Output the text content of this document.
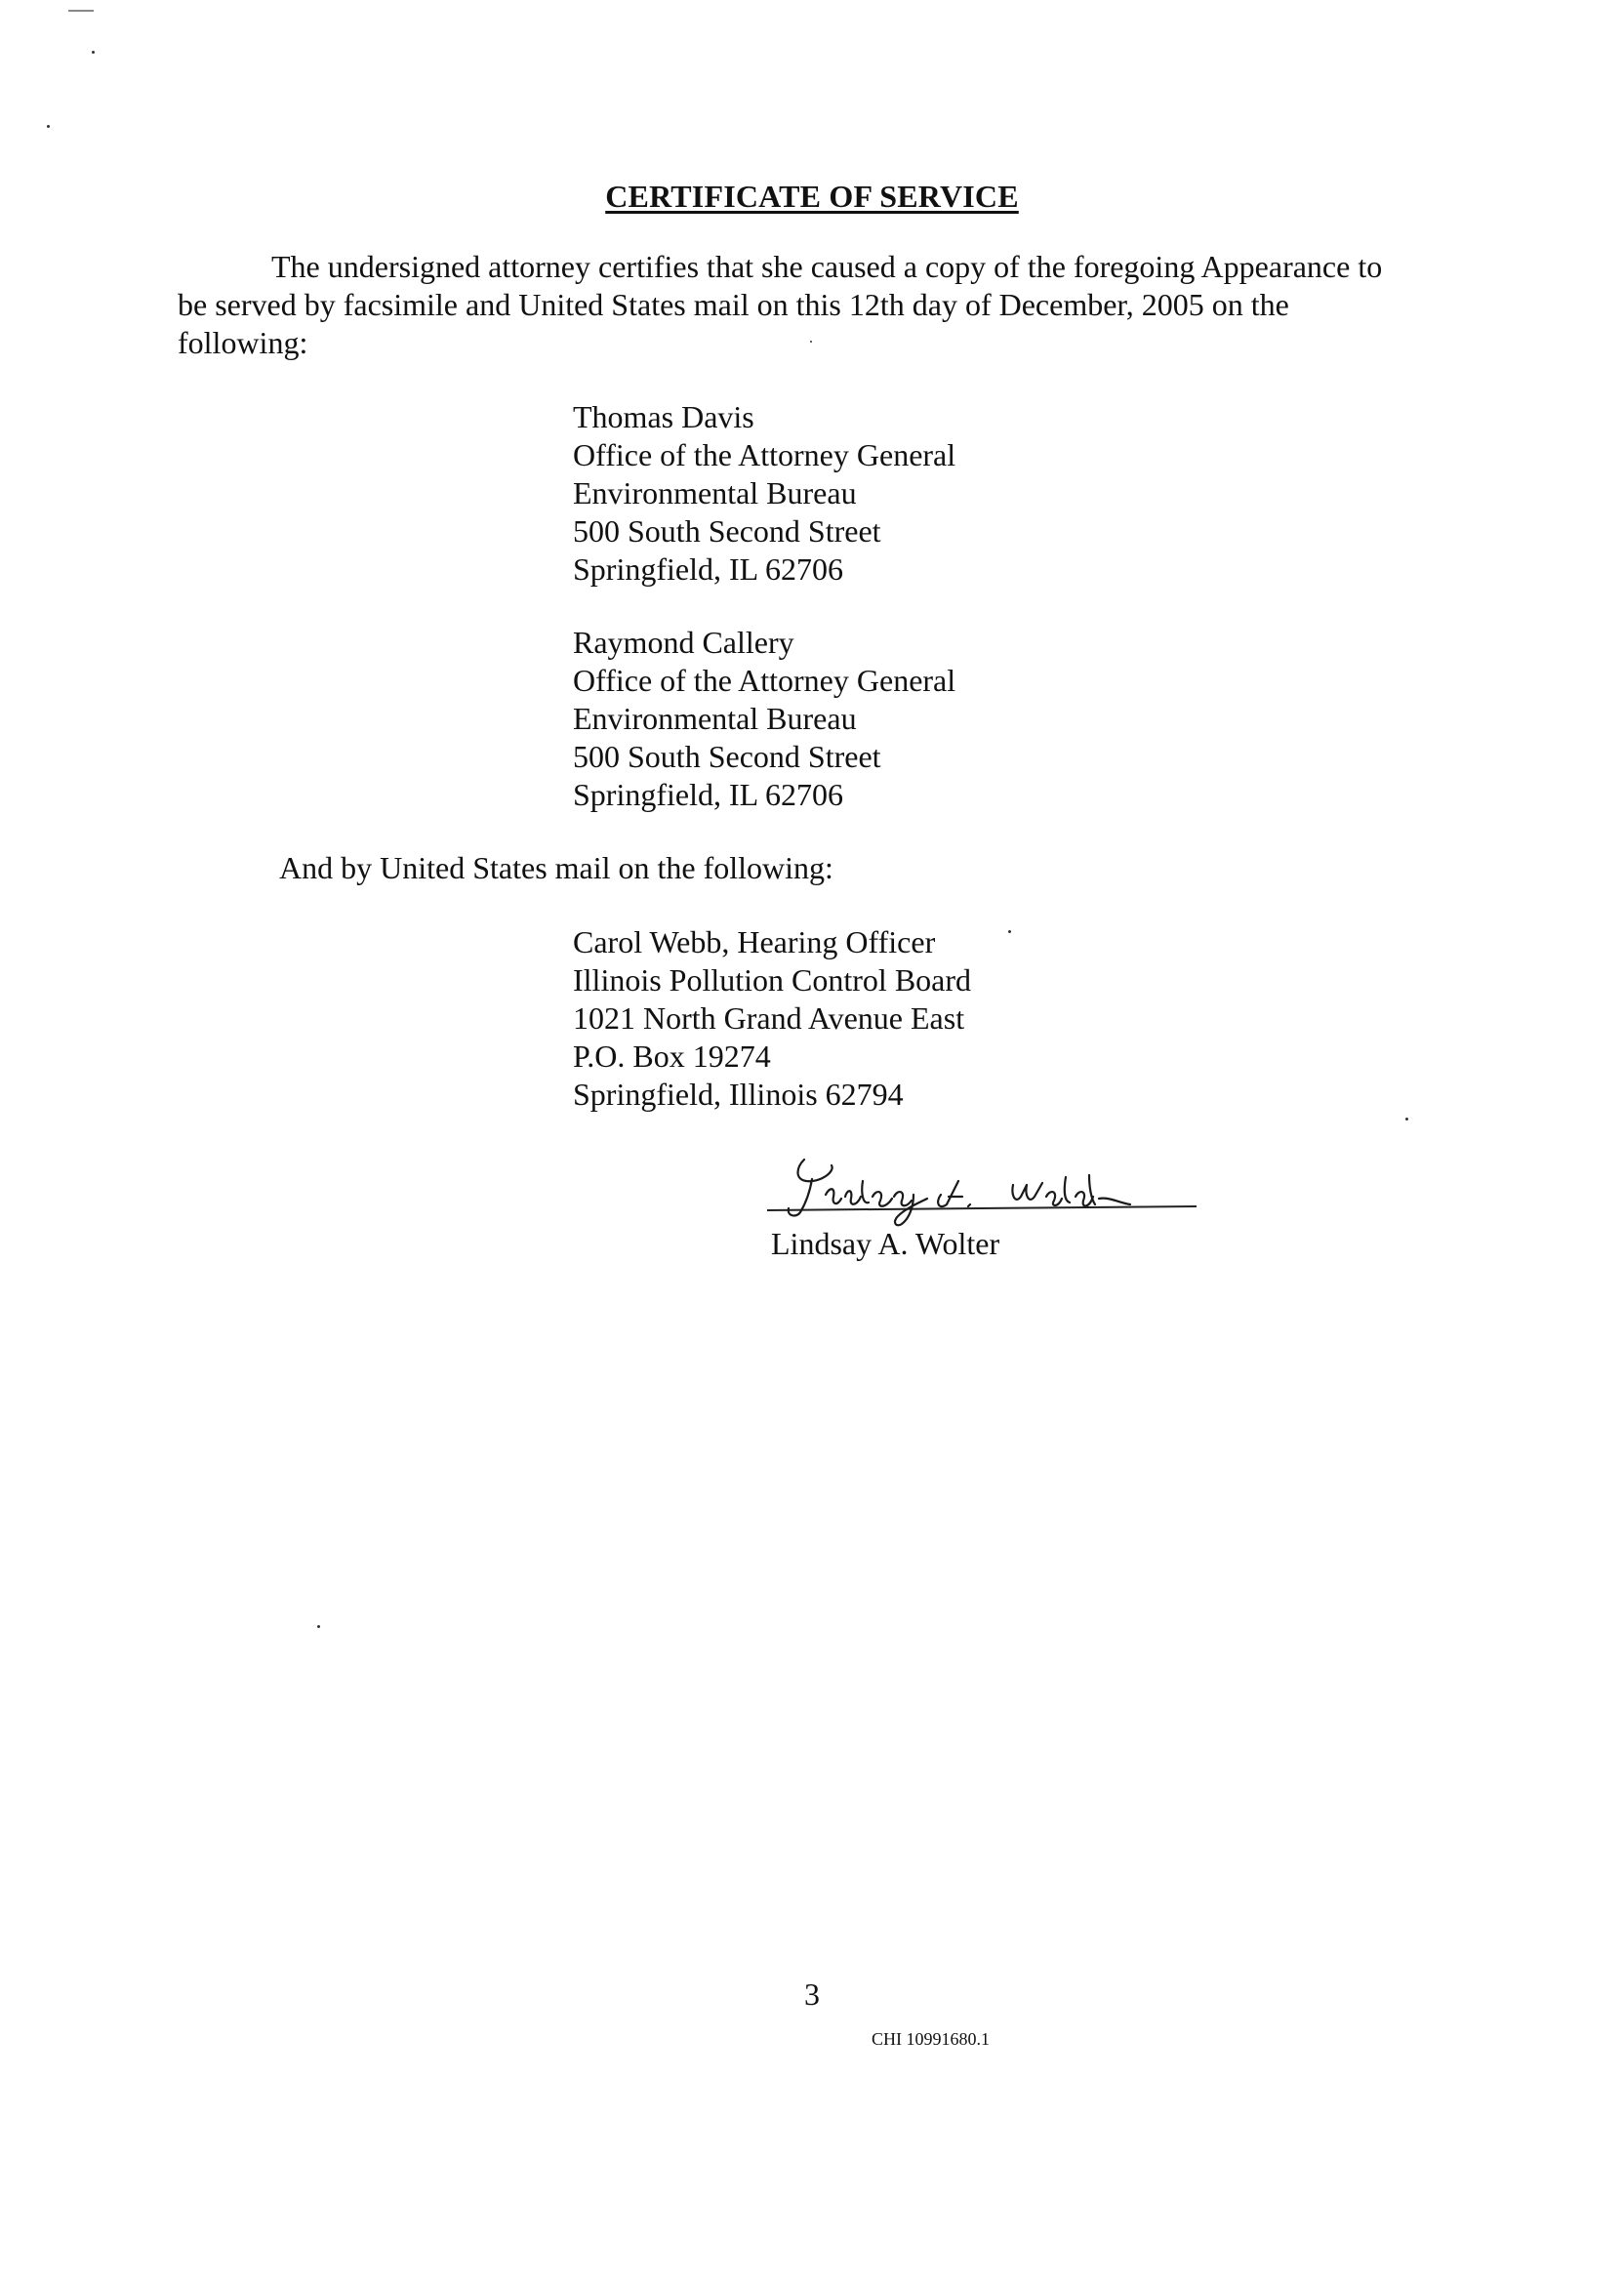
CERTIFICATE OF SERVICE
The undersigned attorney certifies that she caused a copy of the foregoing Appearance to
be served by facsimile and United States mail on this 12th day of December, 2005 on the
following:
Thomas Davis
Office of the Attorney General
Environmental Bureau
500 South Second Street
Springfield, IL 62706
Raymond Callery
Office of the Attorney General
Environmental Bureau
500 South Second Street
Springfield, IL 62706
And by United States mail on the following:
Carol Webb, Hearing Officer
Illinois Pollution Control Board
1021 North Grand Avenue East
P.O. Box 19274
Springfield, Illinois 62794
Lindsay A. Wolter
3
CHI 10991680.1
